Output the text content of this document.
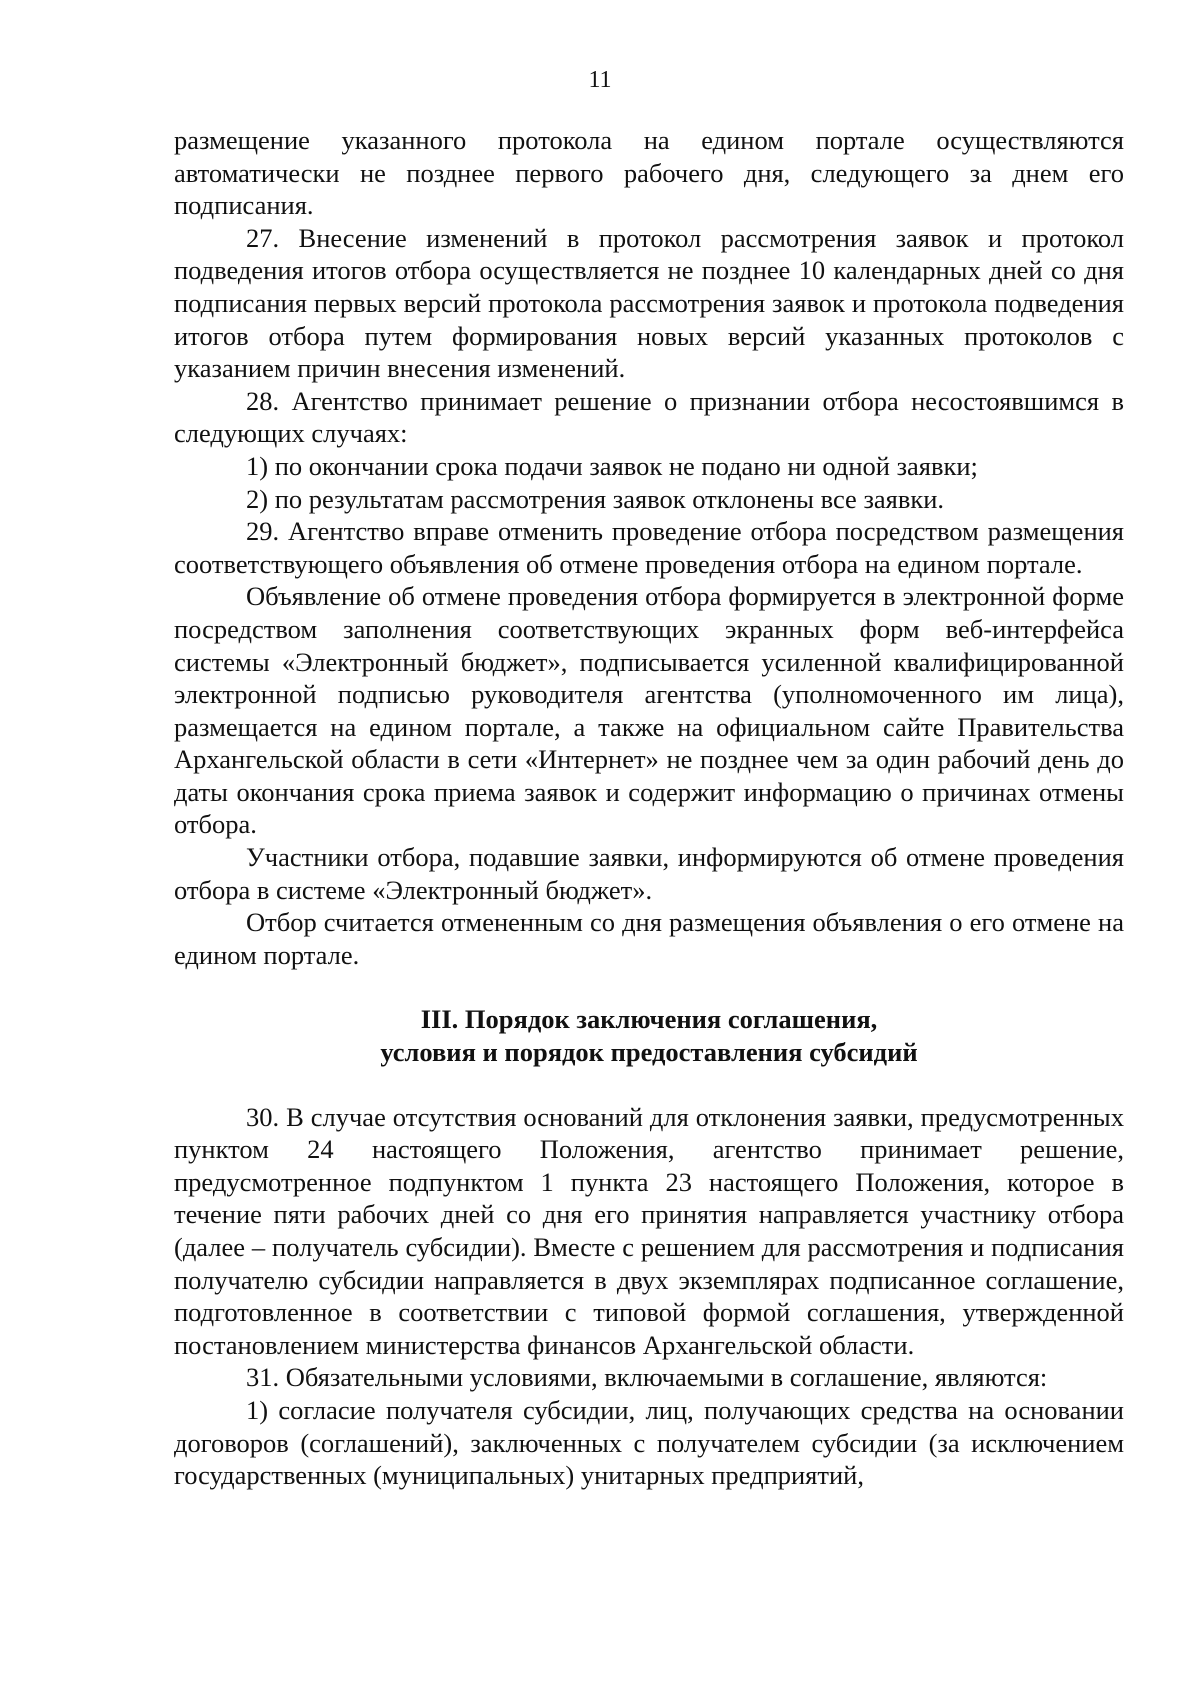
11

размещение указанного протокола на едином портале осуществляются автоматически не позднее первого рабочего дня, следующего за днем его подписания.

27. Внесение изменений в протокол рассмотрения заявок и протокол подведения итогов отбора осуществляется не позднее 10 календарных дней со дня подписания первых версий протокола рассмотрения заявок и протокола подведения итогов отбора путем формирования новых версий указанных протоколов с указанием причин внесения изменений.

28. Агентство принимает решение о признании отбора несостоявшимся в следующих случаях:

1) по окончании срока подачи заявок не подано ни одной заявки;

2) по результатам рассмотрения заявок отклонены все заявки.

29. Агентство вправе отменить проведение отбора посредством размещения соответствующего объявления об отмене проведения отбора на едином портале.

Объявление об отмене проведения отбора формируется в электронной форме посредством заполнения соответствующих экранных форм веб-интерфейса системы «Электронный бюджет», подписывается усиленной квалифицированной электронной подписью руководителя агентства (уполномоченного им лица), размещается на едином портале, а также на официальном сайте Правительства Архангельской области в сети «Интернет» не позднее чем за один рабочий день до даты окончания срока приема заявок и содержит информацию о причинах отмены отбора.

Участники отбора, подавшие заявки, информируются об отмене проведения отбора в системе «Электронный бюджет».

Отбор считается отмененным со дня размещения объявления о его отмене на едином портале.

III. Порядок заключения соглашения,
условия и порядок предоставления субсидий

30. В случае отсутствия оснований для отклонения заявки, предусмотренных пунктом 24 настоящего Положения, агентство принимает решение, предусмотренное подпунктом 1 пункта 23 настоящего Положения, которое в течение пяти рабочих дней со дня его принятия направляется участнику отбора (далее – получатель субсидии). Вместе с решением для рассмотрения и подписания получателю субсидии направляется в двух экземплярах подписанное соглашение, подготовленное в соответствии с типовой формой соглашения, утвержденной постановлением министерства финансов Архангельской области.

31. Обязательными условиями, включаемыми в соглашение, являются:

1) согласие получателя субсидии, лиц, получающих средства на основании договоров (соглашений), заключенных с получателем субсидии (за исключением государственных (муниципальных) унитарных предприятий,
